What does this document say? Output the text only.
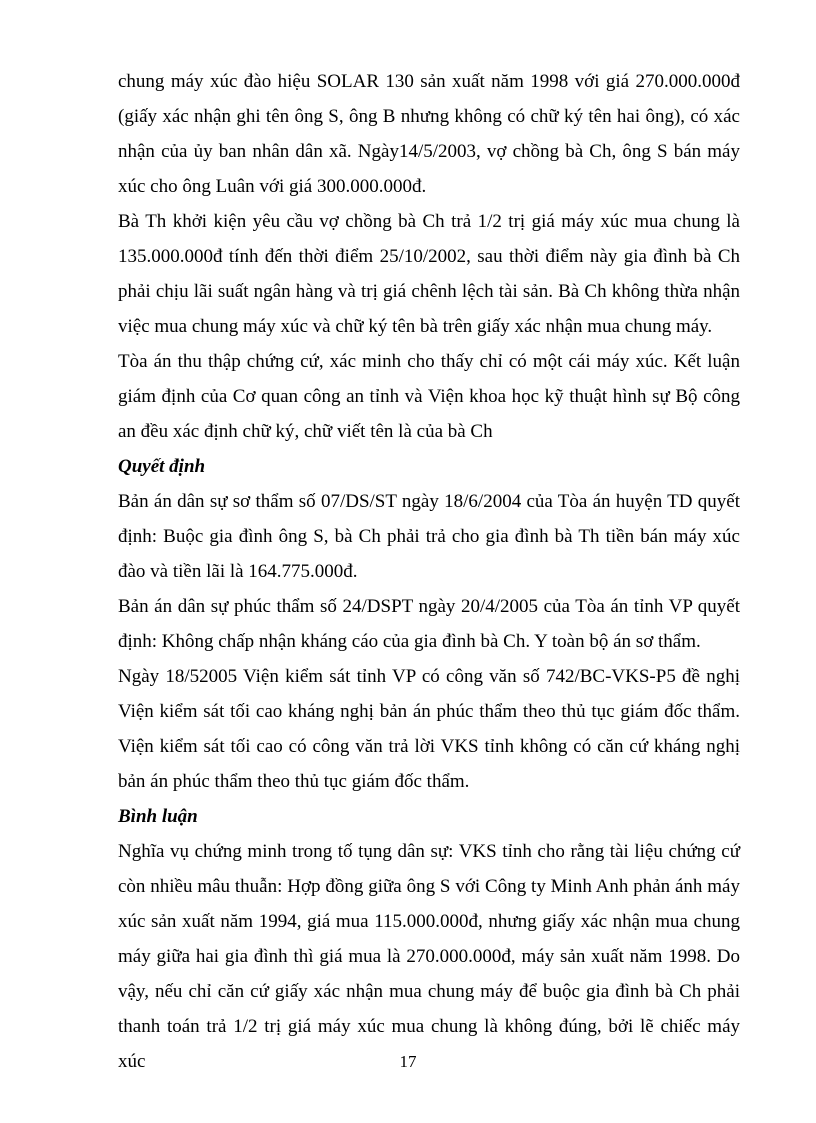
chung máy xúc đào hiệu SOLAR 130 sản xuất năm 1998 với giá 270.000.000đ (giấy xác nhận ghi tên ông S, ông B nhưng không có chữ ký tên hai ông), có xác nhận của ủy ban nhân dân xã. Ngày14/5/2003, vợ chồng bà Ch, ông S bán máy xúc cho ông Luân với giá 300.000.000đ.

Bà Th khởi kiện yêu cầu vợ chồng bà Ch trả 1/2 trị giá máy xúc mua chung là 135.000.000đ tính đến thời điểm 25/10/2002, sau thời điểm này gia đình bà Ch phải chịu lãi suất ngân hàng và trị giá chênh lệch tài sản. Bà Ch không thừa nhận việc mua chung máy xúc và chữ ký tên bà trên giấy xác nhận mua chung máy.

Tòa án thu thập chứng cứ, xác minh cho thấy chỉ có một cái máy xúc. Kết luận giám định của Cơ quan công an tỉnh và Viện khoa học kỹ thuật hình sự Bộ công an đều xác định chữ ký, chữ viết tên là của bà Ch

Quyết định

Bản án dân sự sơ thẩm số 07/DS/ST ngày 18/6/2004 của Tòa án huyện TD quyết định: Buộc gia đình ông S, bà Ch phải trả cho gia đình bà Th tiền bán máy xúc đào và tiền lãi là 164.775.000đ.

Bản án dân sự phúc thẩm số 24/DSPT ngày 20/4/2005 của Tòa án tỉnh VP quyết định: Không chấp nhận kháng cáo của gia đình bà Ch. Y toàn bộ án sơ thẩm.

Ngày 18/52005 Viện kiểm sát tỉnh VP có công văn số 742/BC-VKS-P5 đề nghị Viện kiểm sát tối cao kháng nghị bản án phúc thẩm theo thủ tục giám đốc thẩm. Viện kiểm sát tối cao có công văn trả lời VKS tỉnh không có căn cứ kháng nghị bản án phúc thẩm theo thủ tục giám đốc thẩm.

Bình luận

Nghĩa vụ chứng minh trong tố tụng dân sự: VKS tỉnh cho rằng tài liệu chứng cứ còn nhiều mâu thuẫn: Hợp đồng giữa ông S với Công ty Minh Anh phản ánh máy xúc sản xuất năm 1994, giá mua 115.000.000đ, nhưng giấy xác nhận mua chung máy giữa hai gia đình thì giá mua là 270.000.000đ, máy sản xuất năm 1998. Do vậy, nếu chỉ căn cứ giấy xác nhận mua chung máy để buộc gia đình bà Ch phải thanh toán trả 1/2 trị giá máy xúc mua chung là không đúng, bởi lẽ chiếc máy xúc	17
